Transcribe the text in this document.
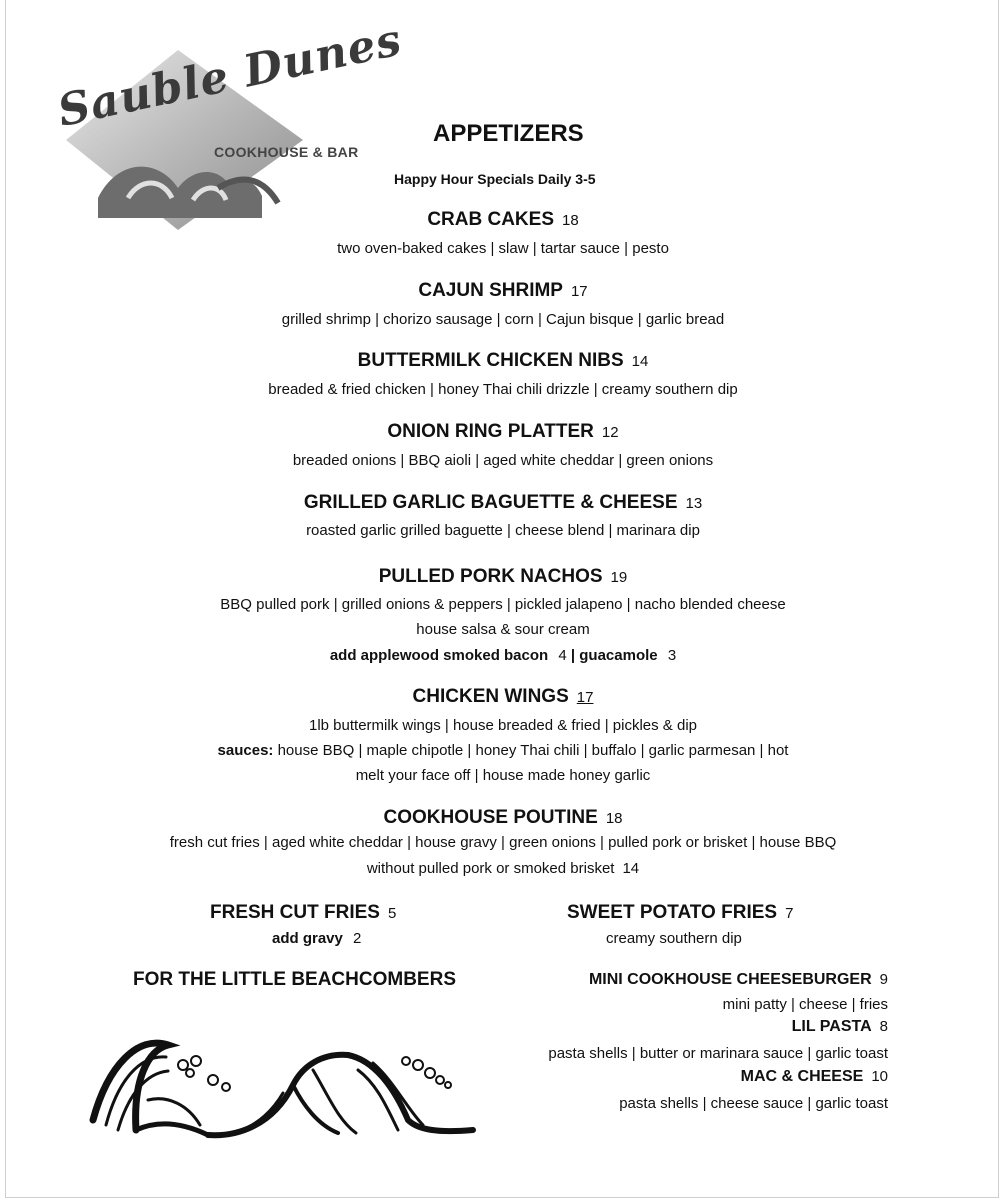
Sauble Dunes
COOKHOUSE & BAR
APPETIZERS
Happy Hour Specials Daily 3-5
CRAB CAKES 18
two oven-baked cakes | slaw | tartar sauce | pesto
CAJUN SHRIMP 17
grilled shrimp | chorizo sausage | corn | Cajun bisque | garlic bread
BUTTERMILK CHICKEN NIBS 14
breaded & fried chicken | honey Thai chili drizzle | creamy southern dip
ONION RING PLATTER 12
breaded onions | BBQ aioli | aged white cheddar | green onions
GRILLED GARLIC BAGUETTE & CHEESE 13
roasted garlic grilled baguette | cheese blend | marinara dip
PULLED PORK NACHOS 19
BBQ pulled pork | grilled onions & peppers | pickled jalapeno | nacho blended cheese
house salsa & sour cream
add applewood smoked bacon 4 | guacamole 3
CHICKEN WINGS 17
1lb buttermilk wings | house breaded & fried | pickles & dip
sauces: house BBQ | maple chipotle | honey Thai chili | buffalo | garlic parmesan | hot
melt your face off | house made honey garlic
COOKHOUSE POUTINE 18
fresh cut fries | aged white cheddar | house gravy | green onions | pulled pork or brisket | house BBQ
without pulled pork or smoked brisket 14
FRESH CUT FRIES 5
add gravy 2
SWEET POTATO FRIES 7
creamy southern dip
FOR THE LITTLE BEACHCOMBERS	MINI COOKHOUSE CHEESEBURGER 9
mini patty | cheese | fries
LIL PASTA 8
pasta shells | butter or marinara sauce | garlic toast
MAC & CHEESE 10
pasta shells | cheese sauce | garlic toast
